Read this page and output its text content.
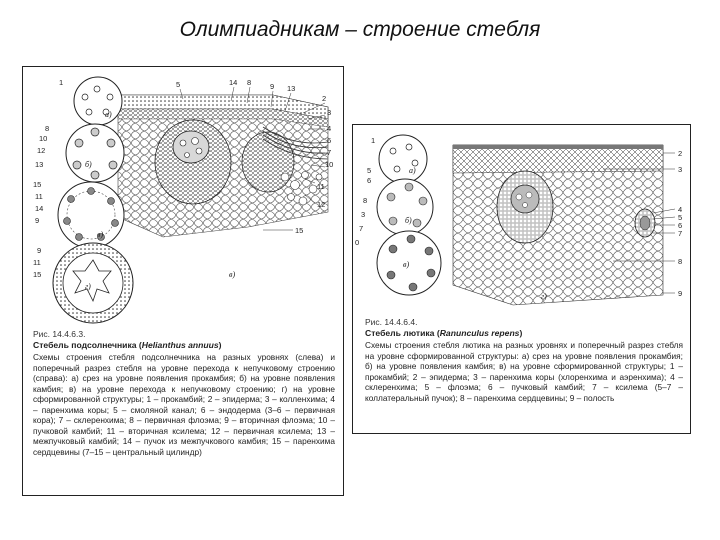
Олимпиадникам – строение стебля
1
8
10
12
13
15
11
14
9
9
11
15
5	14 8	9 13
2
3
4
6
7
10
11
12
15
а)
б)
в)
г)
в)
Рис. 14.4.6.3.
Стебель подсолнечника (Helianthus annuus)
Схемы строения стебля подсолнечника на разных уровнях (слева) и поперечный разрез стебля на уровне перехода к непучковому строению (справа): а) срез на уровне появления прокамбия; б) на уровне появления камбия; в) на уровне перехода к непучковому строению; г) на уровне сформированной структуры; 1 – прокамбий; 2 – эпидерма; 3 – колленхима; 4 – паренхима коры; 5 – смоляной канал; 6 – эндодерма (3–6 – первичная кора); 7 – склеренхима; 8 – первичная флоэма; 9 – вторичная флоэма; 10 – пучковой камбий; 11 – вторичная ксилема; 12 – первичная ксилема; 13 – межпучковый камбий; 14 – пучок из межпучкового камбия; 15 – паренхима сердцевины (7–15 – центральный цилиндр)
1
5
6
8
3
7
0
2
3
4
5
6
7
8
9
а)
б)
в)
г)
Рис. 14.4.6.4.
Стебель лютика (Ranunculus repens)
Схемы строения стебля лютика на разных уровнях и поперечный разрез стебля на уровне сформированной структуры: а) срез на уровне появления прокамбия; б) на уровне появления камбия; в) на уровне сформированной структуры; 1 – прокамбий; 2 – эпидерма; 3 – паренхима коры (хлоренхима и аэренхима); 4 – склеренхима; 5 – флоэма; 6 – пучковый камбий; 7 – ксилема (5–7 – коллатеральный пучок); 8 – паренхима сердцевины; 9 – полость
